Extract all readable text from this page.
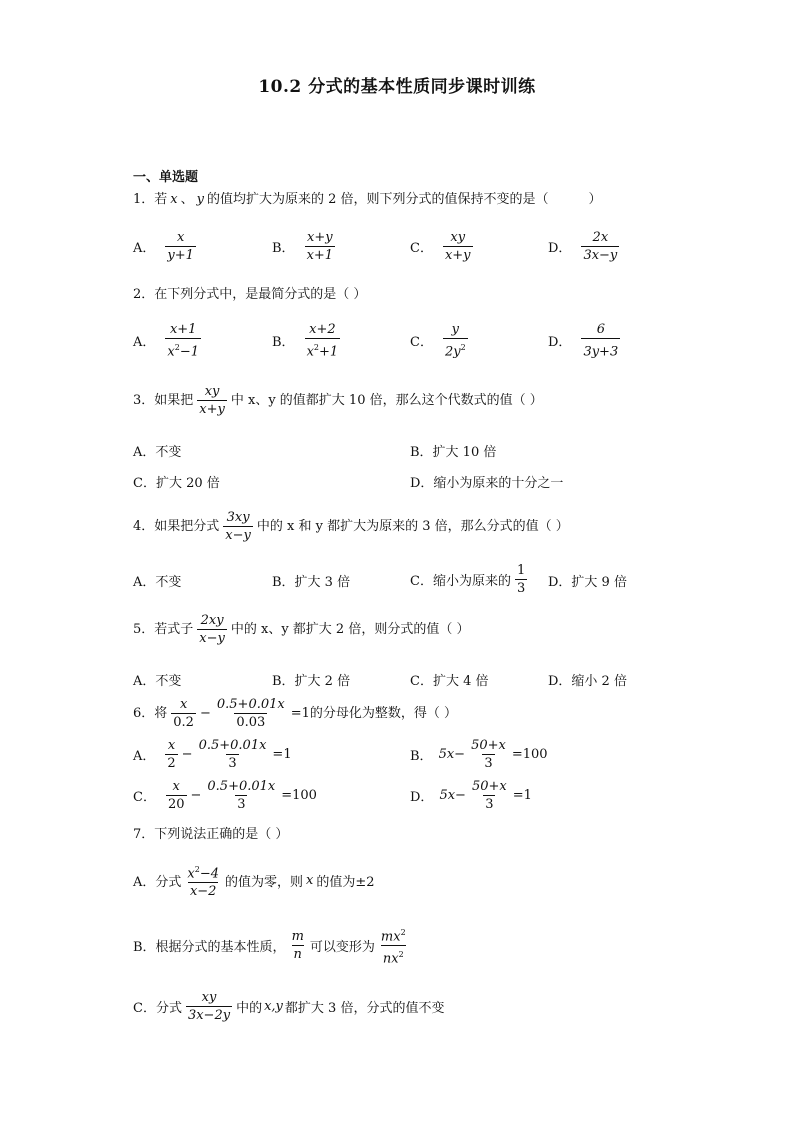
10.2 分式的基本性质同步课时训练
一、单选题
1．若 x 、 y 的值均扩大为原来的 2 倍，则下列分式的值保持不变的是（	）
A． $\frac{x}{y+1}$	B． $\frac{x+y}{x+1}$	C． $\frac{xy}{x+y}$	D． $\frac{2x}{3x-y}$
2．在下列分式中，是最简分式的是（ ）
A． $\frac{x+1}{x^2-1}$	B． $\frac{x+2}{x^2+1}$	C． $\frac{y}{2y^2}$	D． $\frac{6}{3y+3}$
3．如果把 $\frac{xy}{x+y}$ 中 x、y 的值都扩大 10 倍，那么这个代数式的值（ ）
A．不变	B．扩大 10 倍
C．扩大 20 倍	D．缩小为原来的十分之一
4．如果把分式 $\frac{3xy}{x-y}$ 中的 x 和 y 都扩大为原来的 3 倍，那么分式的值（ ）
A．不变	B．扩大 3 倍	C．缩小为原来的 $\frac{1}{3}$ D．扩大 9 倍
5．若式子 $\frac{2xy}{x-y}$ 中的 x、y 都扩大 2 倍，则分式的值（ ）
A．不变	B．扩大 2 倍	C．扩大 4 倍	D．缩小 2 倍
6．将 $\frac{x}{0.2} - \frac{0.5+0.01x}{0.03} =1$ 的分母化为整数，得（ ）
A． $\frac{x}{2} - \frac{0.5+0.01x}{3} =1$	B． $5x - \frac{50+x}{3} =100$
C． $\frac{x}{20} - \frac{0.5+0.01x}{3} =100$	D． $5x - \frac{50+x}{3} =1$
7．下列说法正确的是（ ）
A．分式 $\frac{x^2-4}{x-2}$ 的值为零，则 x 的值为±2
B．根据分式的基本性质， $\frac{m}{n}$ 可以变形为 $\frac{mx^2}{nx^2}$
C．分式 $\frac{xy}{3x-2y}$ 中的 x,y 都扩大 3 倍，分式的值不变
